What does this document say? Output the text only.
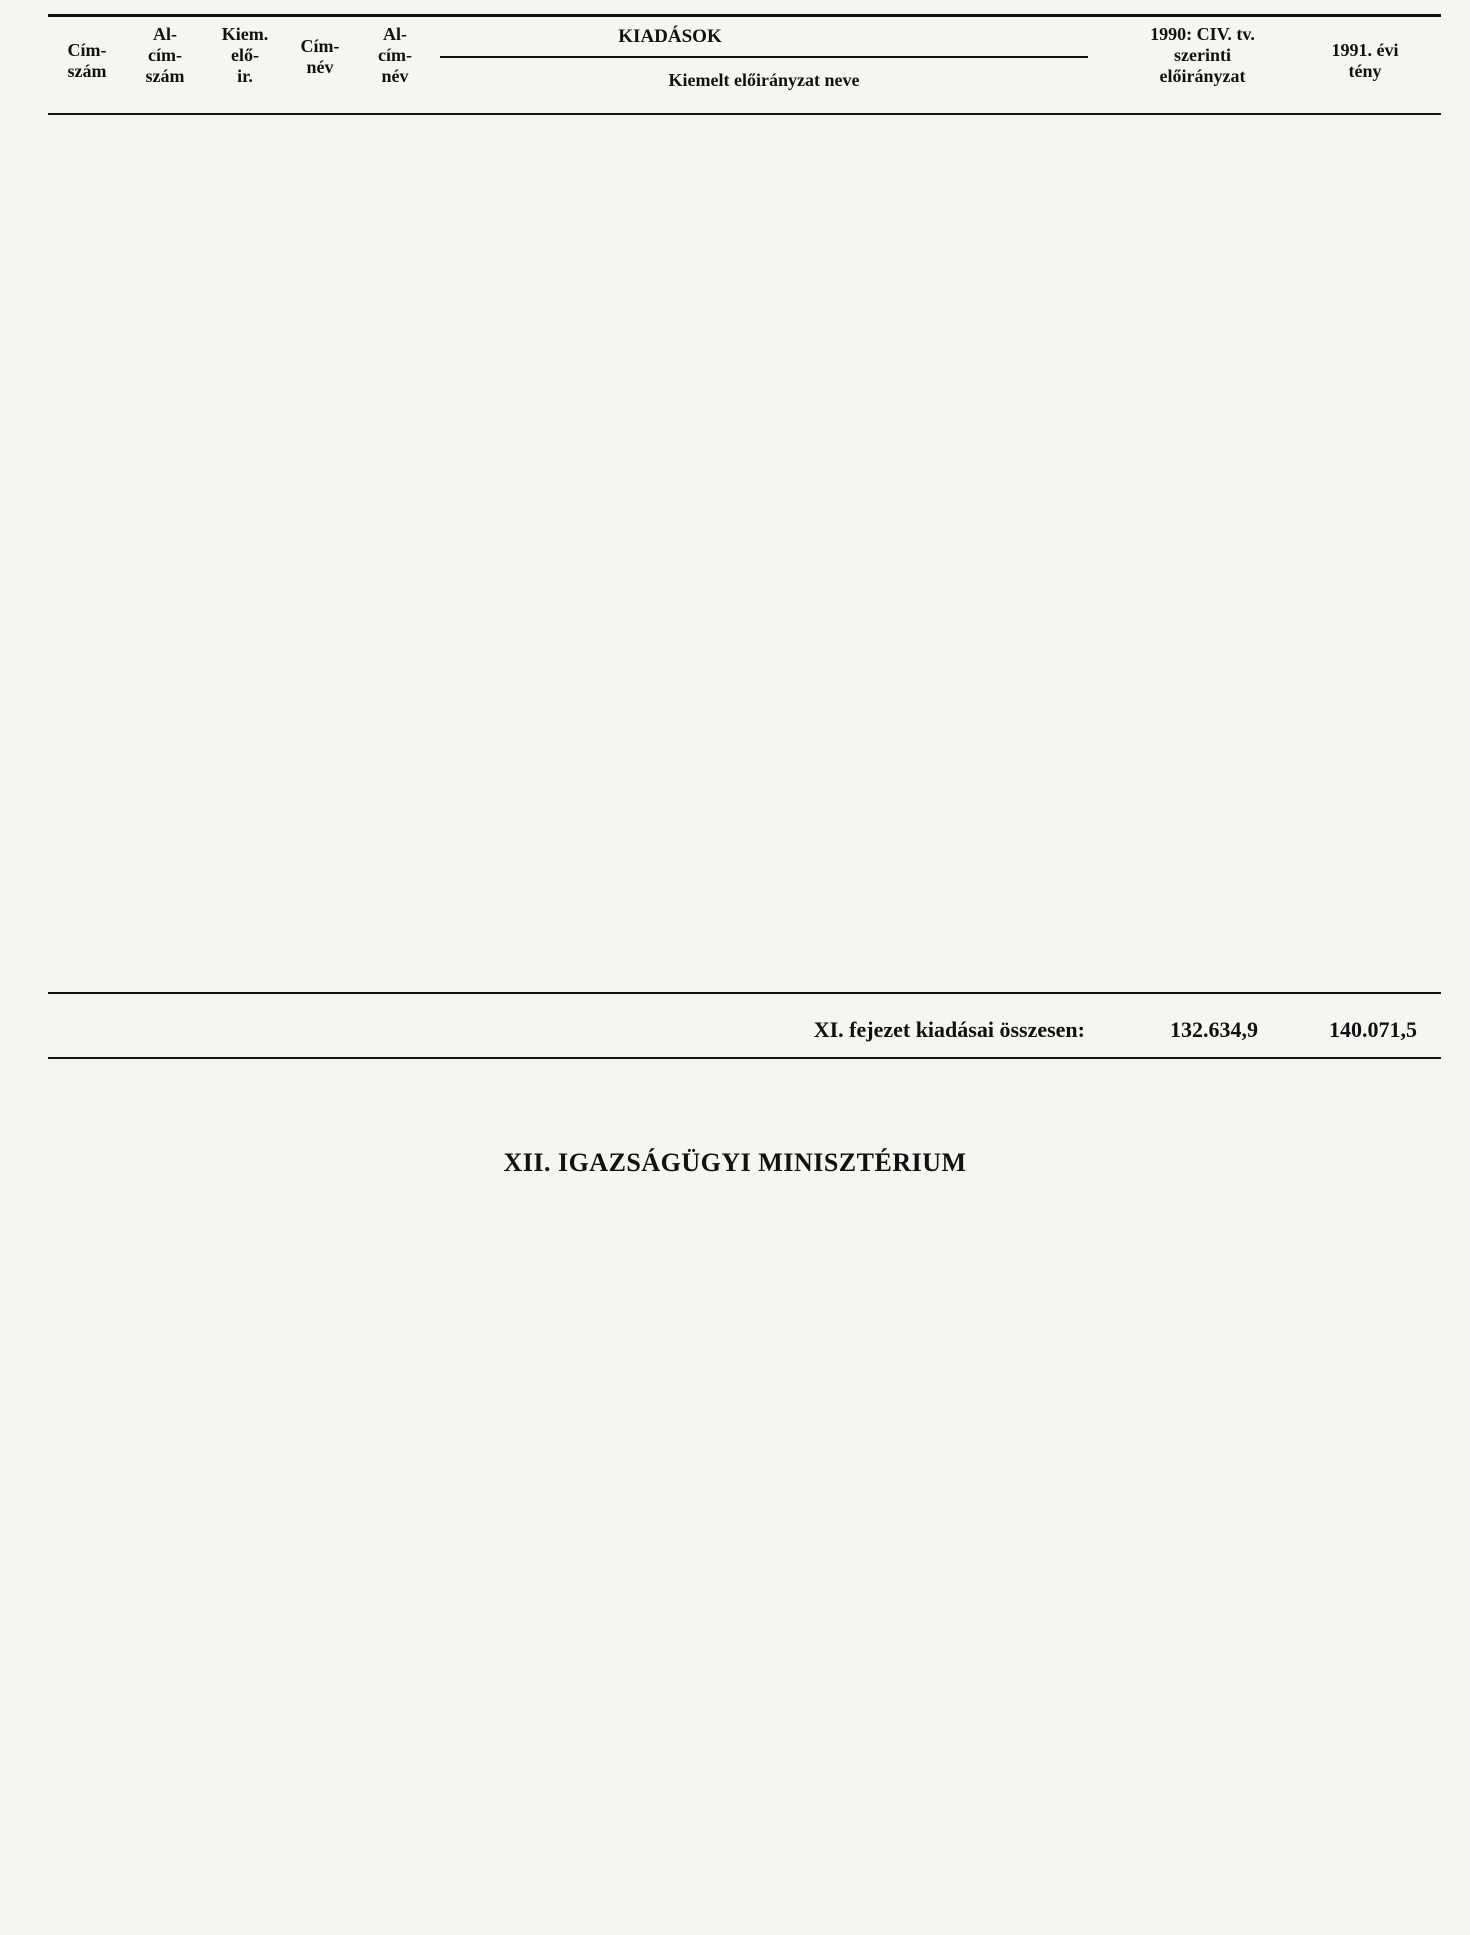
Cím-
szám
Al-
cím-
szám
Kiem.
elő-
ir.
Cím-
név
Al-
cím-
név
KIADÁSOK
Kiemelt előirányzat neve
1990: CIV. tv.
szerinti
előirányzat
1991. évi
tény
XI. fejezet kiadásai összesen:	132.634,9	140.071,5
XII. IGAZSÁGÜGYI MINISZTÉRIUM
